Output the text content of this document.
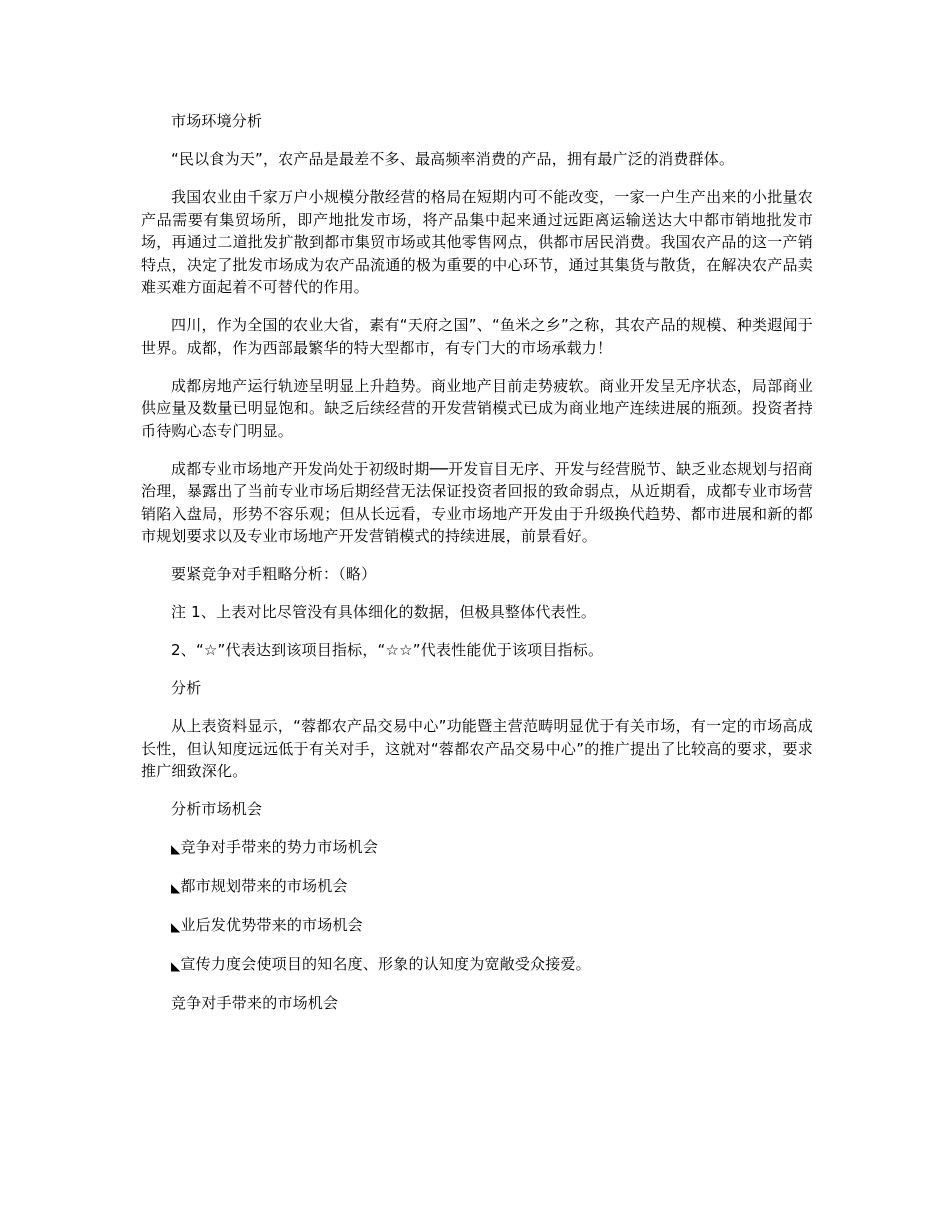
市场环境分析

“民以食为天”，农产品是最差不多、最高频率消费的产品，拥有最广泛的消费群体。

我国农业由千家万户小规模分散经营的格局在短期内可不能改变，一家一户生产出来的小批量农产品需要有集贸场所，即产地批发市场，将产品集中起来通过远距离运输送达大中都市销地批发市场，再通过二道批发扩散到都市集贸市场或其他零售网点，供都市居民消费。我国农产品的这一产销特点，决定了批发市场成为农产品流通的极为重要的中心环节，通过其集货与散货，在解决农产品卖难买难方面起着不可替代的作用。

四川，作为全国的农业大省，素有“天府之国”、“鱼米之乡”之称，其农产品的规模、种类遐闻于世界。成都，作为西部最繁华的特大型都市，有专门大的市场承载力！

成都房地产运行轨迹呈明显上升趋势。商业地产目前走势疲软。商业开发呈无序状态，局部商业供应量及数量已明显饱和。缺乏后续经营的开发营销模式已成为商业地产连续进展的瓶颈。投资者持币待购心态专门明显。

成都专业市场地产开发尚处于初级时期──开发盲目无序、开发与经营脱节、缺乏业态规划与招商治理，暴露出了当前专业市场后期经营无法保证投资者回报的致命弱点，从近期看，成都专业市场营销陷入盘局，形势不容乐观；但从长远看，专业市场地产开发由于升级换代趋势、都市进展和新的都市规划要求以及专业市场地产开发营销模式的持续进展，前景看好。

要紧竞争对手粗略分析：（略）

注 1、上表对比尽管没有具体细化的数据，但极具整体代表性。

2、“☆”代表达到该项目指标，“☆☆”代表性能优于该项目指标。

分析

从上表资料显示，“蓉都农产品交易中心”功能暨主营范畴明显优于有关市场，有一定的市场高成长性，但认知度远远低于有关对手，这就对“蓉都农产品交易中心”的推广提出了比较高的要求，要求推广细致深化。

分析市场机会

◣竞争对手带来的势力市场机会

◣都市规划带来的市场机会

◣业后发优势带来的市场机会

◣宣传力度会使项目的知名度、形象的认知度为宽敞受众接爱。

竞争对手带来的市场机会
